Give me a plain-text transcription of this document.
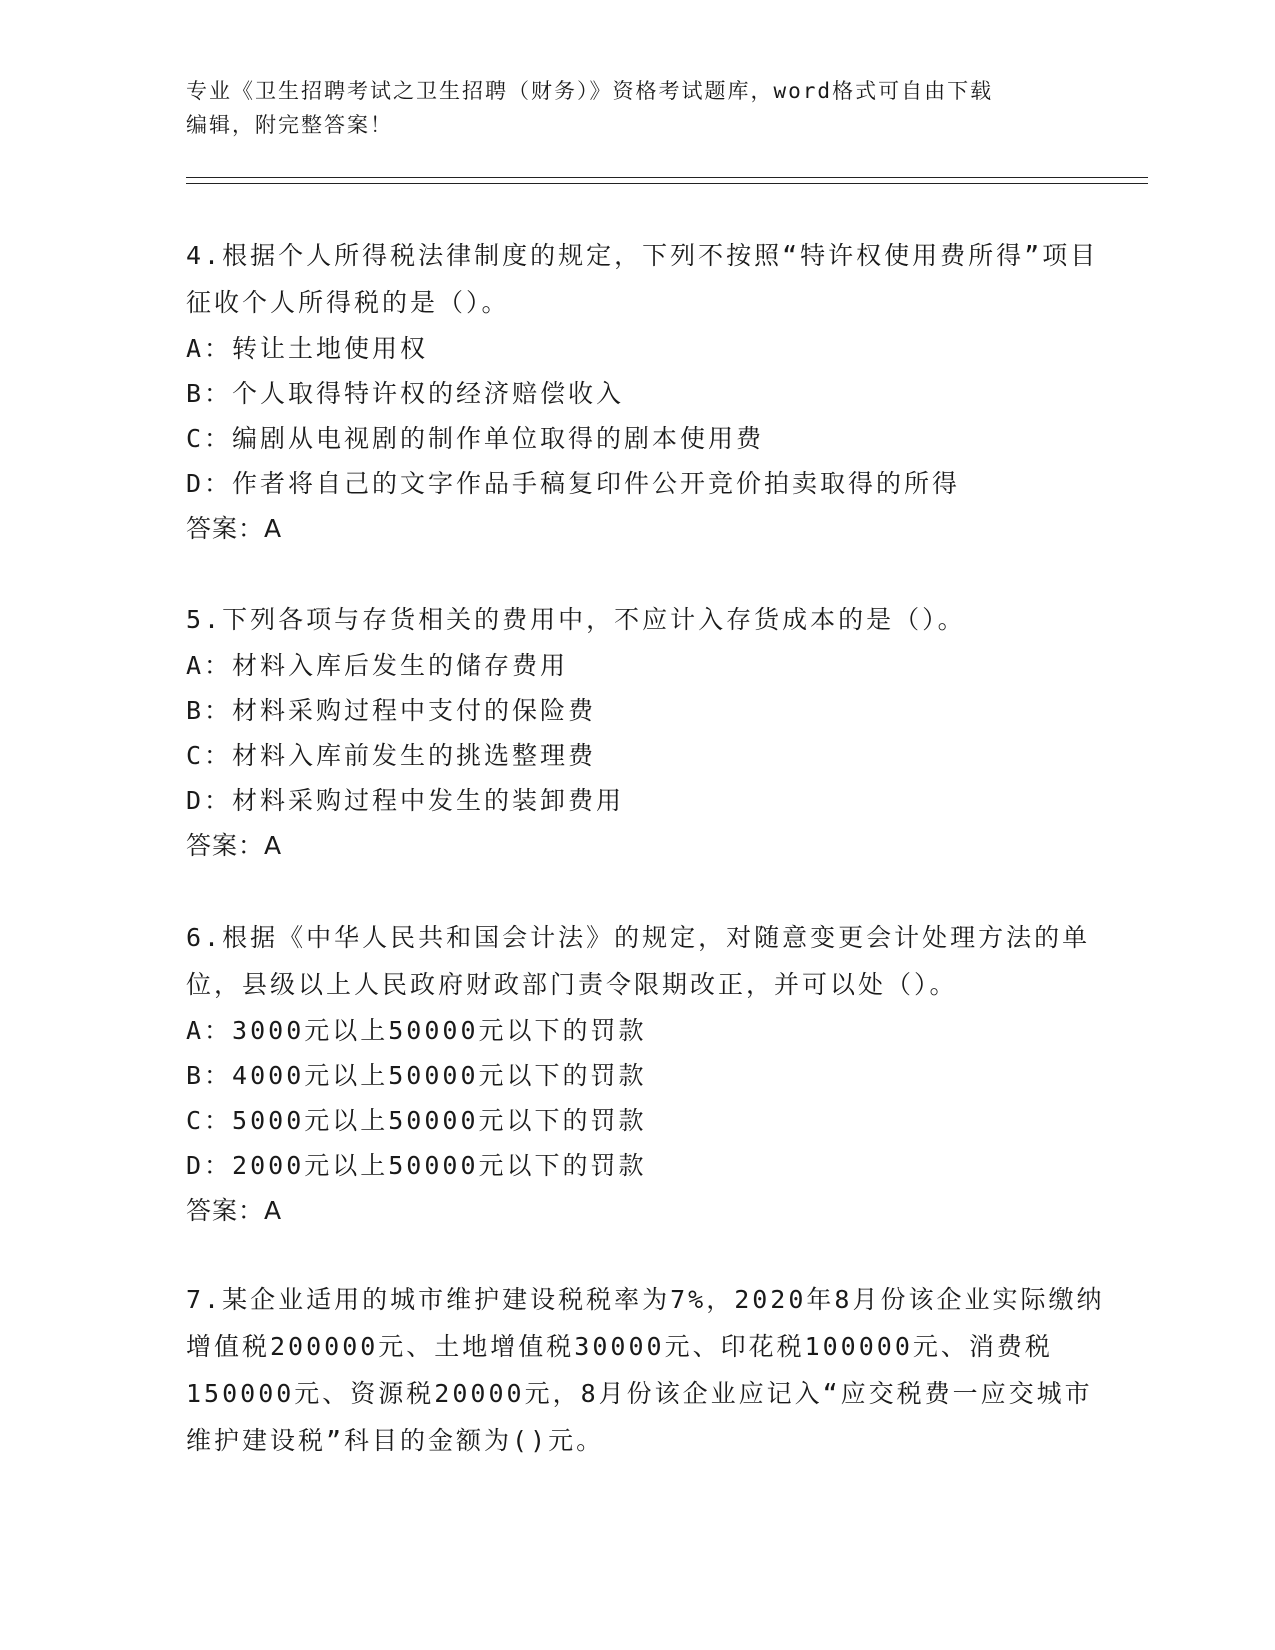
专业《卫生招聘考试之卫生招聘（财务）》资格考试题库，word格式可自由下载
编辑，附完整答案！
4.根据个人所得税法律制度的规定，下列不按照“特许权使用费所得”项目征收个人所得税的是（）。
A：转让土地使用权
B：个人取得特许权的经济赔偿收入
C：编剧从电视剧的制作单位取得的剧本使用费
D：作者将自己的文字作品手稿复印件公开竞价拍卖取得的所得
答案：A
5.下列各项与存货相关的费用中，不应计入存货成本的是（）。
A：材料入库后发生的储存费用
B：材料采购过程中支付的保险费
C：材料入库前发生的挑选整理费
D：材料采购过程中发生的装卸费用
答案：A
6.根据《中华人民共和国会计法》的规定，对随意变更会计处理方法的单位，县级以上人民政府财政部门责令限期改正，并可以处（）。
A：3000元以上50000元以下的罚款
B：4000元以上50000元以下的罚款
C：5000元以上50000元以下的罚款
D：2000元以上50000元以下的罚款
答案：A
7.某企业适用的城市维护建设税税率为7%，2020年8月份该企业实际缴纳增值税200000元、土地增值税30000元、印花税100000元、消费税150000元、资源税20000元，8月份该企业应记入“应交税费一应交城市维护建设税”科目的金额为()元。
